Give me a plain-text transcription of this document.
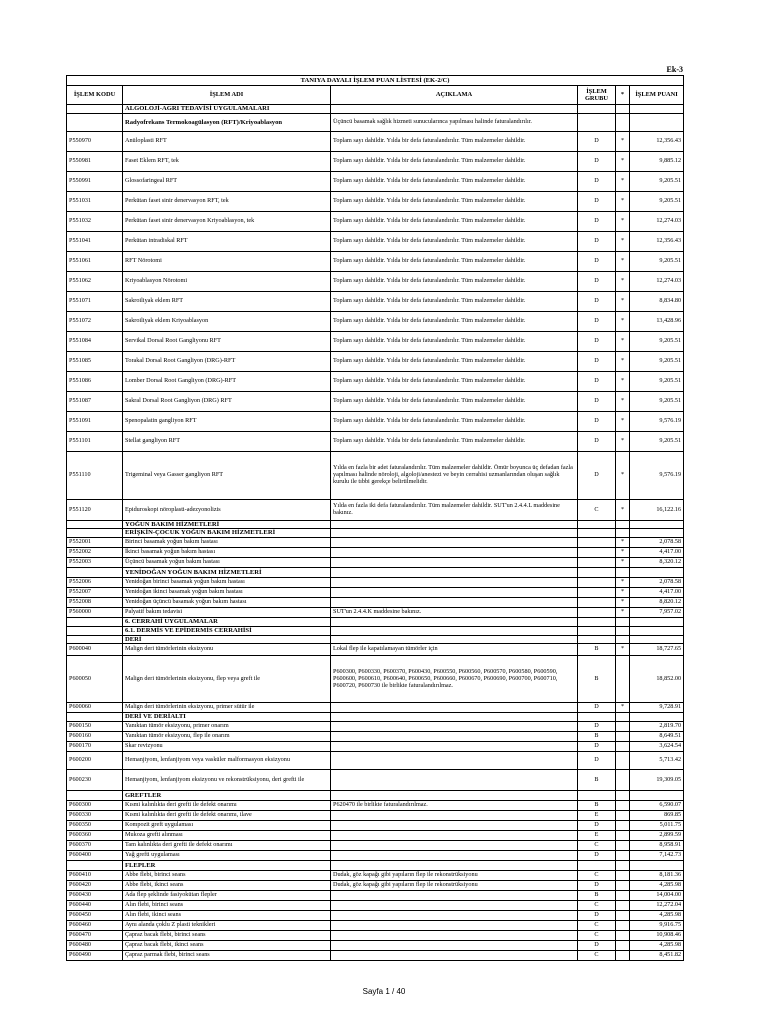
Ek-3
TANIYA DAYALI İŞLEM PUAN LİSTESİ (EK-2/C)					
İŞLEM KODU	İŞLEM ADI	AÇIKLAMA	İŞLEM GRUBU	*	İŞLEM PUANI
	ALGOLOJİ-AGRI TEDAVİSİ UYGULAMALARI				
	Radyofrekans Termokoagülasyon (RFT)/Kriyoablasyon	Üçüncü basamak sağlık hizmeti sunucularınca yapılması halinde faturalandırılır.			
P550970	Anüloplasti RFT	Toplam sayı dahildir. Yılda bir defa faturalandırılır. Tüm malzemeler dahildir.	D	*	12,356.43
P550981	Faset Eklem RFT, tek	Toplam sayı dahildir. Yılda bir defa faturalandırılır. Tüm malzemeler dahildir.	D	*	9,885.12
P550991	Glossofaringeal RFT	Toplam sayı dahildir. Yılda bir defa faturalandırılır. Tüm malzemeler dahildir.	D	*	9,205.51
P551031	Perkütan faset sinir denervasyon RFT, tek	Toplam sayı dahildir. Yılda bir defa faturalandırılır. Tüm malzemeler dahildir.	D	*	9,205.51
P551032	Perkütan faset sinir denervasyon Kriyoablasyon, tek	Toplam sayı dahildir. Yılda bir defa faturalandırılır. Tüm malzemeler dahildir.	D	*	12,274.03
P551041	Perkütan intradiskal RFT	Toplam sayı dahildir. Yılda bir defa faturalandırılır. Tüm malzemeler dahildir.	D	*	12,356.43
P551061	RFT Nörotomi	Toplam sayı dahildir. Yılda bir defa faturalandırılır. Tüm malzemeler dahildir.	D	*	9,205.51
P551062	Kriyoablasyon Nörotomi	Toplam sayı dahildir. Yılda bir defa faturalandırılır. Tüm malzemeler dahildir.	D	*	12,274.03
P551071	Sakroiliyak eklem RFT	Toplam sayı dahildir. Yılda bir defa faturalandırılır. Tüm malzemeler dahildir.	D	*	8,834.80
P551072	Sakroiliyak eklem Kriyoablasyon	Toplam sayı dahildir. Yılda bir defa faturalandırılır. Tüm malzemeler dahildir.	D	*	13,428.96
P551084	Servikal Dorsal Root Gangliyonu RFT	Toplam sayı dahildir. Yılda bir defa faturalandırılır. Tüm malzemeler dahildir.	D	*	9,205.51
P551085	Torakal Dorsal Root Gangliyon (DRG)-RFT	Toplam sayı dahildir. Yılda bir defa faturalandırılır. Tüm malzemeler dahildir.	D	*	9,205.51
P551086	Lomber Dorsal Root Gangliyon (DRG)-RFT	Toplam sayı dahildir. Yılda bir defa faturalandırılır. Tüm malzemeler dahildir.	D	*	9,205.51
P551087	Sakral Dorsal Root Gangliyon (DRG) RFT	Toplam sayı dahildir. Yılda bir defa faturalandırılır. Tüm malzemeler dahildir.	D	*	9,205.51
P551091	Spenopalatin gangliyon RFT	Toplam sayı dahildir. Yılda bir defa faturalandırılır. Tüm malzemeler dahildir.	D	*	9,576.19
P551101	Stellat gangliyon RFT	Toplam sayı dahildir. Yılda bir defa faturalandırılır. Tüm malzemeler dahildir.	D	*	9,205.51
P551110	Trigeminal veya Gasser gangliyon RFT	Yılda en fazla bir adet faturalandırılır. Tüm malzemeler dahildir. Ömür boyunca üç defadan fazla yapılması halinde nöroloji, algoloji/anestezi ve beyin cerrahisi uzmanlarından oluşan sağlık kurulu ile tıbbi gerekçe belirtilmelidir.	D	*	9,576.19
P551120	Epiduroskopi nöroplasti-adezyonolizis	Yılda en fazla iki defa faturalandırılır. Tüm malzemeler dahildir. SUT'un 2.4.4.L maddesine bakınız.	C	*	16,122.16
	YOĞUN BAKIM HİZMETLERİ				
	ERİŞKİN-ÇOCUK YOĞUN BAKIM HİZMETLERİ				
P552001	Birinci basamak yoğun bakım hastası			*	2,078.58
P552002	İkinci basamak yoğun bakım hastası			*	4,417.00
P552003	Üçüncü basamak yoğun bakım hastası			*	8,320.12
	YENİDOĞAN YOĞUN BAKIM HİZMETLERİ				
P552006	Yenidoğan birinci basamak yoğun bakım hastası			*	2,078.58
P552007	Yenidoğan ikinci basamak yoğun bakım hastası			*	4,417.00
P552008	Yenidoğan üçüncü basamak yoğun bakım hastası			*	8,820.12
P560000	Palyatif bakım tedavisi	SUT'un 2.4.4.K maddesine bakınız.		*	7,957.02
	6. CERRAHİ UYGULAMALAR				
	6.1. DERMİS VE EPİDERMİS CERRAHİSİ				
	DERİ				
P600040	Malign deri tümörlerinin eksizyonu	Lokal flep ile kapatılamayan tümörler için	B	*	18,727.65
P600050	Malign deri tümörlerinin eksizyonu, flep veya greft ile	P600300, P600330, P600370, P600430, P600550, P600560, P600570, P600580, P600590, P600600, P600610, P600640, P600650, P600660, P600670, P600690, P600700, P600710, P600720, P600730 ile birlikte faturalandırılmaz.	B		18,852.00
P600060	Malign deri tümörlerinin eksizyonu, primer sütür ile		D	*	9,728.91
	DERİ VE DERİALTI				
P600150	Yanıktan tümör eksizyonu, primer onarım		D		2,819.70
P600160	Yanıktan tümör eksizyonu, flep ile onarım		B		8,649.51
P600170	Skar revizyonu		D		3,624.54
P600200	Hemanjiyom, lenfanjiyom veya vasküler malformasyon eksizyonu		D		5,713.42
P600230	Hemanjiyom, lenfanjiyom eksizyonu ve rekonstrüksiyonu, deri grefti ile		B		19,309.05
	GREFTLER				
P600300	Kısmi kalınlıkta deri grefti ile defekt onarımı	P620470 ile birlikte faturalandırılmaz.	B		6,590.07
P600330	Kısmi kalınlıkta deri grefti ile defekt onarımı, ilave		E		869.85
P600350	Kompozit greft uygulaması		D		5,011.75
P600360	Mukoza grefti alınması		E		2,899.59
P600370	Tam kalınlıkta deri grefti ile defekt onarımı		C		8,958.91
P600400	Yağ grefti uygulaması		D		7,142.73
	FLEPLER				
P600410	Abbe flebi, birinci seans	Dudak, göz kapağı gibi yapıların flep ile rekonstrüksiyonu	C		8,181.36
P600420	Abbe flebi, ikinci seans	Dudak, göz kapağı gibi yapıların flep ile rekonstrüksiyonu	D		4,285.98
P600430	Ada flep şeklinde fasiyokütan flepler		B		14,004.00
P600440	Alın flebi, birinci seans		C		12,272.04
P600450	Alın flebi, ikinci seans		D		4,285.98
P600460	Aynı alanda çoklu Z plasti teknikleri		C		9,916.75
P600470	Çapraz bacak flebi, birinci seans		C		10,908.46
P600480	Çapraz bacak flebi, ikinci seans		D		4,285.98
P600490	Çapraz parmak flebi, birinci seans		C		8,451.82
Sayfa 1 / 40
